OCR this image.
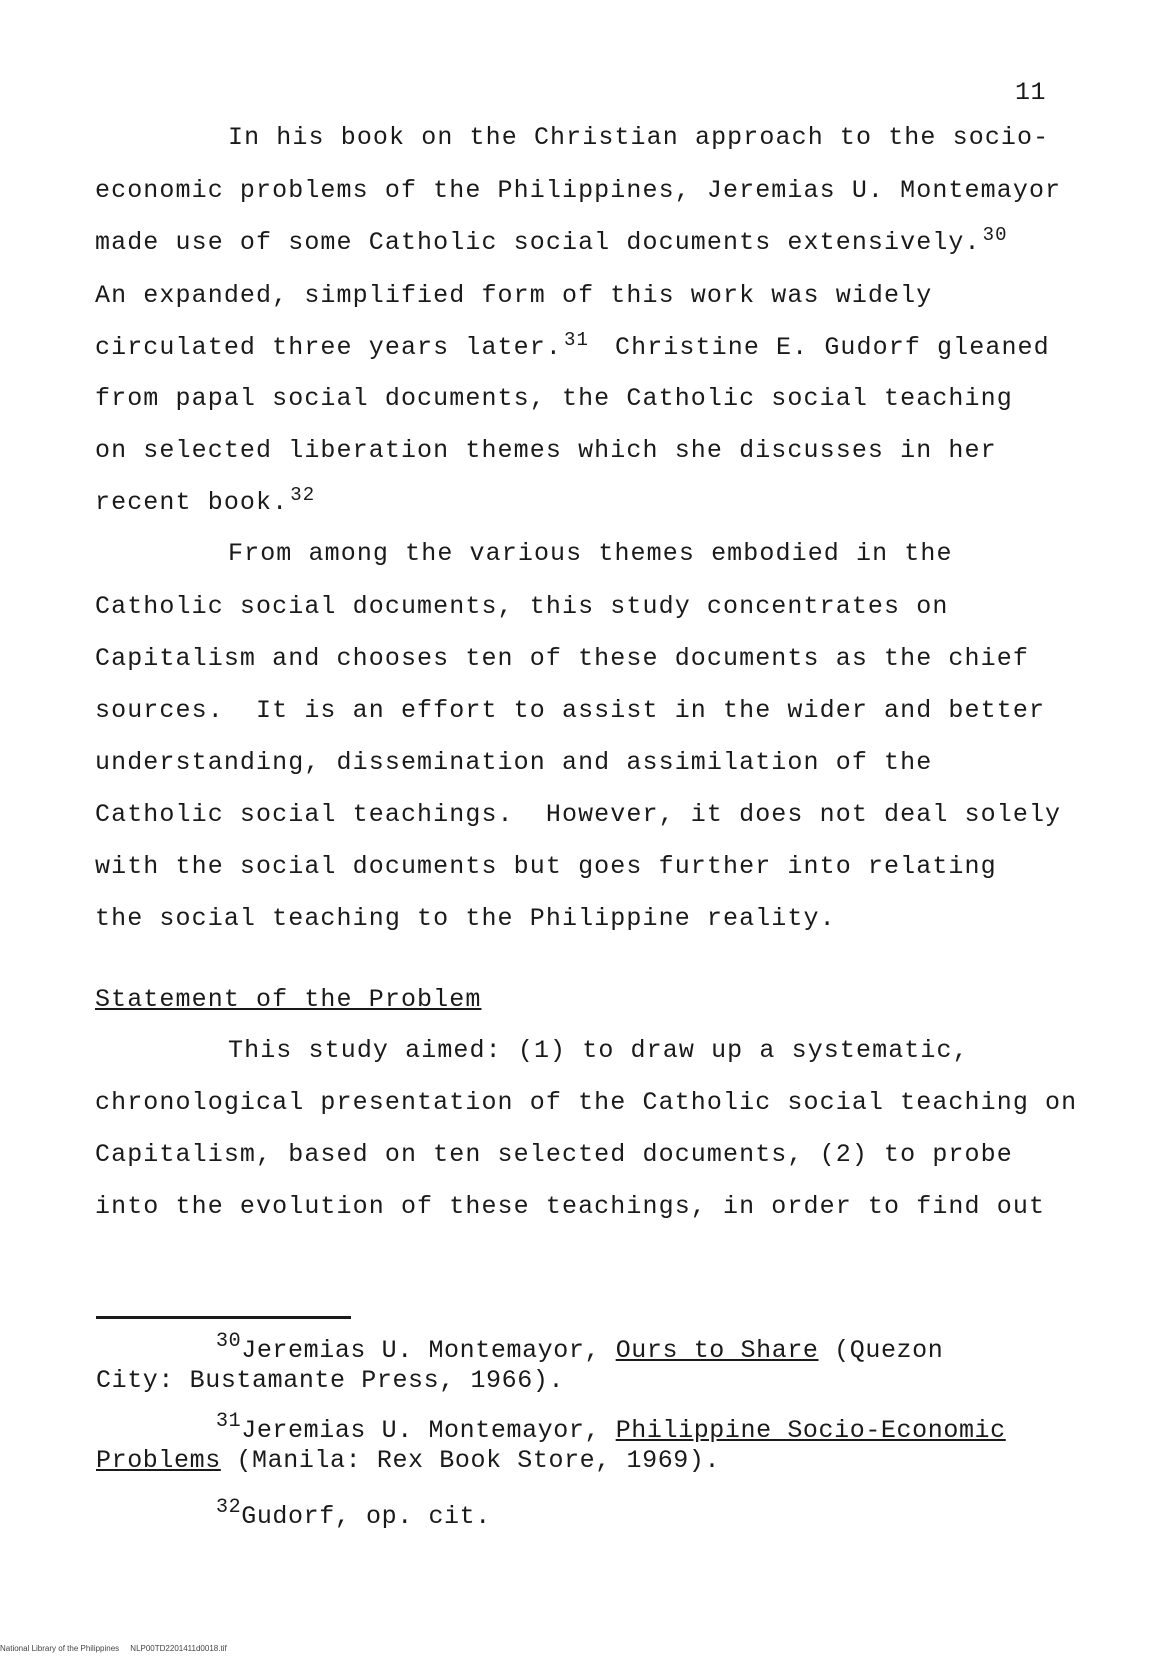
11
In his book on the Christian approach to the socio-
economic problems of the Philippines, Jeremias U. Montemayor
made use of some Catholic social documents extensively. $^{30}$
An expanded, simplified form of this work was widely
circulated three years later. $^{31}$ Christine E. Gudorf gleaned
from papal social documents, the Catholic social teaching
on selected liberation themes which she discusses in her
recent book. $^{32}$
From among the various themes embodied in the
Catholic social documents, this study concentrates on
Capitalism and chooses ten of these documents as the chief
sources.  It is an effort to assist in the wider and better
understanding, dissemination and assimilation of the
Catholic social teachings.  However, it does not deal solely
with the social documents but goes further into relating
the social teaching to the Philippine reality.
Statement of the Problem
This study aimed: (1) to draw up a systematic,
chronological presentation of the Catholic social teaching on
Capitalism, based on ten selected documents, (2) to probe
into the evolution of these teachings, in order to find out
$^{30}$Jeremias U. Montemayor, Ours to Share (Quezon
City: Bustamante Press, 1966).
$^{31}$Jeremias U. Montemayor, Philippine Socio-Economic
Problems (Manila: Rex Book Store, 1969).
$^{32}$Gudorf, op. cit.
National Library of the Philippines     NLP00TD2201411d0018.tif
